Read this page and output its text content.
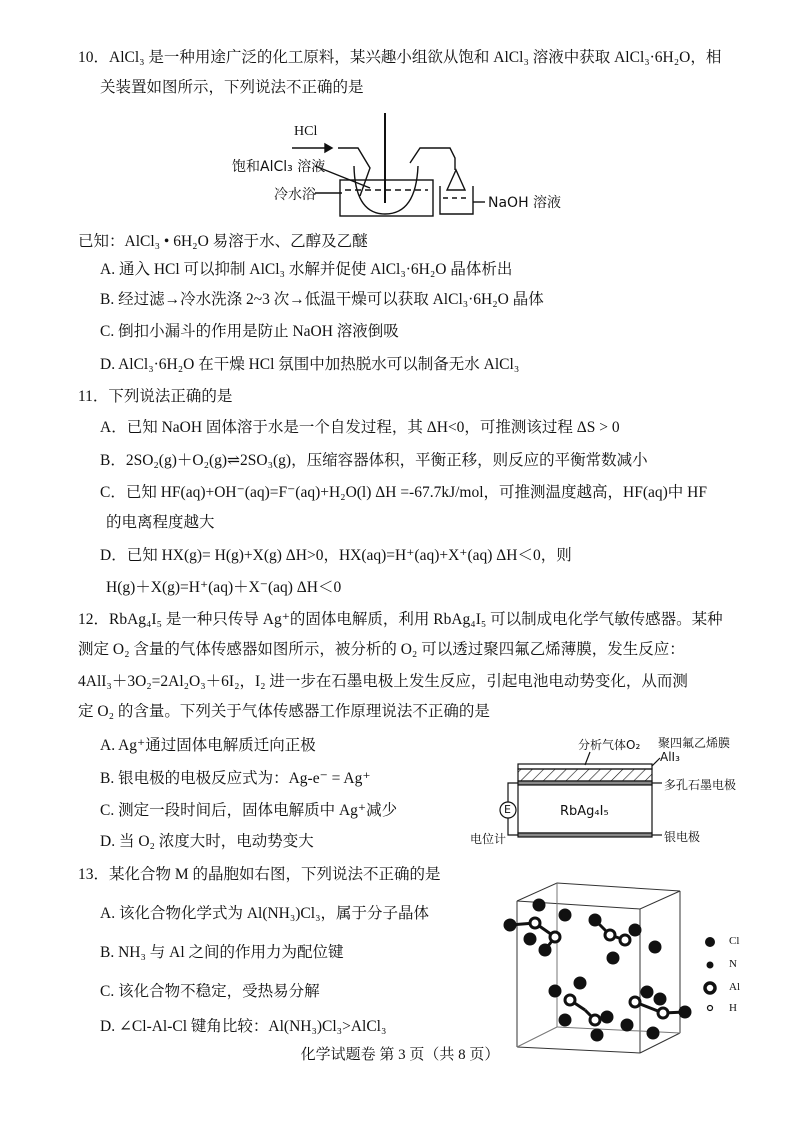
10．AlCl₃ 是一种用途广泛的化工原料，某兴趣小组欲从饱和 AlCl₃ 溶液中获取 AlCl₃·6H₂O，相
关装置如图所示，下列说法不正确的是
HCl
饱和AlCl₃ 溶液
冷水浴	NaOH 溶液
已知：AlCl₃ • 6H₂O 易溶于水、乙醇及乙醚
A. 通入 HCl 可以抑制 AlCl₃ 水解并促使 AlCl₃·6H₂O 晶体析出
B. 经过滤→冷水洗涤 2~3 次→低温干燥可以获取 AlCl₃·6H₂O 晶体
C. 倒扣小漏斗的作用是防止 NaOH 溶液倒吸
D. AlCl₃·6H₂O 在干燥 HCl 氛围中加热脱水可以制备无水 AlCl₃
11．下列说法正确的是
A．已知 NaOH 固体溶于水是一个自发过程，其 ΔH<0，可推测该过程 ΔS > 0
B．2SO₂(g)＋O₂(g)⇌2SO₃(g)，压缩容器体积，平衡正移，则反应的平衡常数减小
C．已知 HF(aq)+OH⁻(aq)=F⁻(aq)+H₂O(l) ΔH =-67.7kJ/mol，可推测温度越高，HF(aq)中 HF
的电离程度越大
D．已知 HX(g)= H(g)+X(g) ΔH>0，HX(aq)=H⁺(aq)+X⁺(aq) ΔH＜0，则
H(g)＋X(g)=H⁺(aq)＋X⁻(aq) ΔH＜0
12．RbAg₄I₅ 是一种只传导 Ag⁺的固体电解质，利用 RbAg₄I₅ 可以制成电化学气敏传感器。某种
测定 O₂ 含量的气体传感器如图所示，被分析的 O₂ 可以透过聚四氟乙烯薄膜，发生反应：
4AlI₃＋3O₂=2Al₂O₃＋6I₂，I₂ 进一步在石墨电极上发生反应，引起电池电动势变化，从而测
定 O₂ 的含量。下列关于气体传感器工作原理说法不正确的是
A. Ag⁺通过固体电解质迁向正极
B. 银电极的电极反应式为：Ag-e⁻ = Ag⁺
C. 测定一段时间后，固体电解质中 Ag⁺减少
D. 当 O₂ 浓度大时，电动势变大
分析气体O₂ 聚四氟乙烯膜
AlI₃
多孔石墨电极
RbAg₄I₅
E
电位计	银电极
13．某化合物 M 的晶胞如右图，下列说法不正确的是
A. 该化合物化学式为 Al(NH₃)Cl₃，属于分子晶体
B. NH₃ 与 Al 之间的作用力为配位键
C. 该化合物不稳定，受热易分解
D. ∠Cl-Al-Cl 键角比较：Al(NH₃)Cl₃>AlCl₃
Cl
N
Al
H
化学试题卷 第 3 页（共 8 页）
